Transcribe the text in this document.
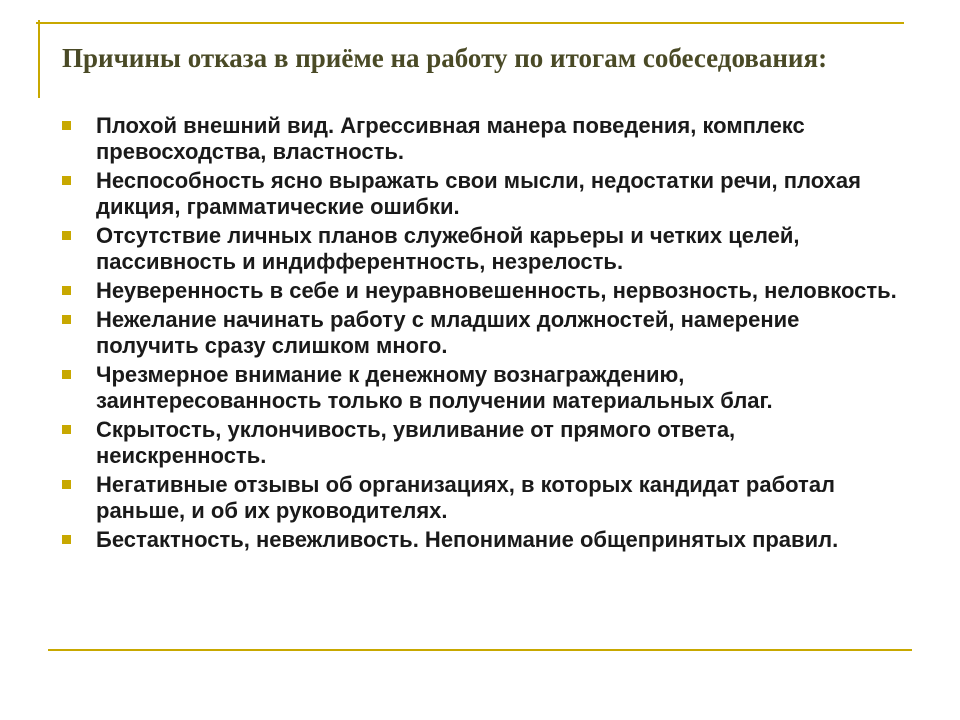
Причины отказа в приёме на работу по итогам собеседования:
Плохой внешний вид. Агрессивная манера поведения, комплекс превосходства, властность.
Неспособность ясно выражать свои мысли, недостатки речи, плохая дикция, грамматические ошибки.
Отсутствие личных планов служебной карьеры и четких целей, пассивность и индифферентность, незрелость.
Неуверенность в себе и неуравновешенность, нервозность, неловкость.
Нежелание начинать работу с младших должностей, намерение получить сразу слишком много.
Чрезмерное внимание к денежному вознаграждению, заинтересованность только в получении материальных благ.
Скрытость, уклончивость, увиливание от прямого ответа, неискренность.
Негативные отзывы об организациях, в которых кандидат работал раньше, и об их руководителях.
Бестактность, невежливость. Непонимание общепринятых правил.
